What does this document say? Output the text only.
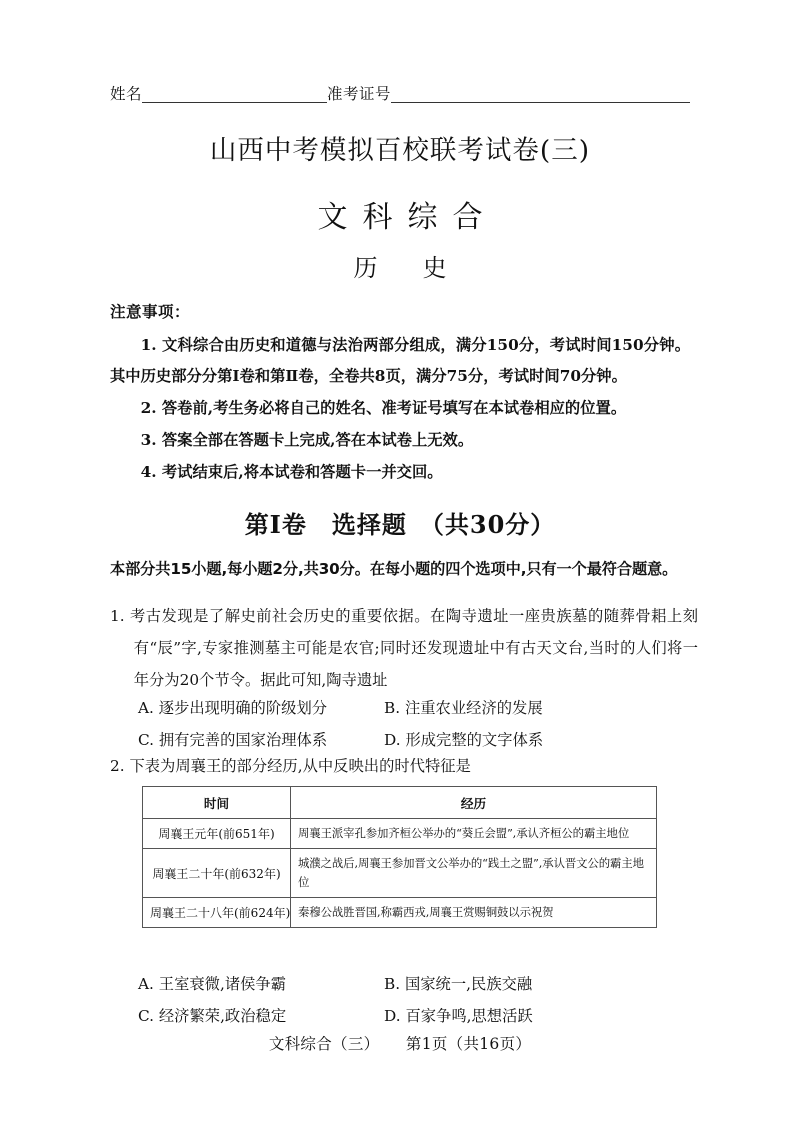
姓名	准考证号
山西中考模拟百校联考试卷(三)
文科综合
历史
注意事项：

1. 文科综合由历史和道德与法治两部分组成，满分150分，考试时间150分钟。其中历史部分分第Ⅰ卷和第Ⅱ卷，全卷共8页，满分75分，考试时间70分钟。

2. 答卷前,考生务必将自己的姓名、准考证号填写在本试卷相应的位置。

3. 答案全部在答题卡上完成,答在本试卷上无效。

4. 考试结束后,将本试卷和答题卡一并交回。

第Ⅰ卷　选择题　（共30分）
本部分共15小题,每小题2分,共30分。在每小题的四个选项中,只有一个最符合题意。
1. 考古发现是了解史前社会历史的重要依据。在陶寺遗址一座贵族墓的随葬骨耜上刻有“辰”字,专家推测墓主可能是农官;同时还发现遗址中有古天文台,当时的人们将一年分为20个节令。据此可知,陶寺遗址
A. 逐步出现明确的阶级划分	B. 注重农业经济的发展
C. 拥有完善的国家治理体系	D. 形成完整的文字体系
2. 下表为周襄王的部分经历,从中反映出的时代特征是
时间	经历
周襄王元年(前651年)	周襄王派宰孔参加齐桓公举办的“葵丘会盟”,承认齐桓公的霸主地位
周襄王二十年(前632年)	城濮之战后,周襄王参加晋文公举办的“践土之盟”,承认晋文公的霸主地位
周襄王二十八年(前624年)	秦穆公战胜晋国,称霸西戎,周襄王赏赐铜鼓以示祝贺
A. 王室衰微,诸侯争霸	B. 国家统一,民族交融
C. 经济繁荣,政治稳定	D. 百家争鸣,思想活跃
文科综合（三） 第1页（共16页）
